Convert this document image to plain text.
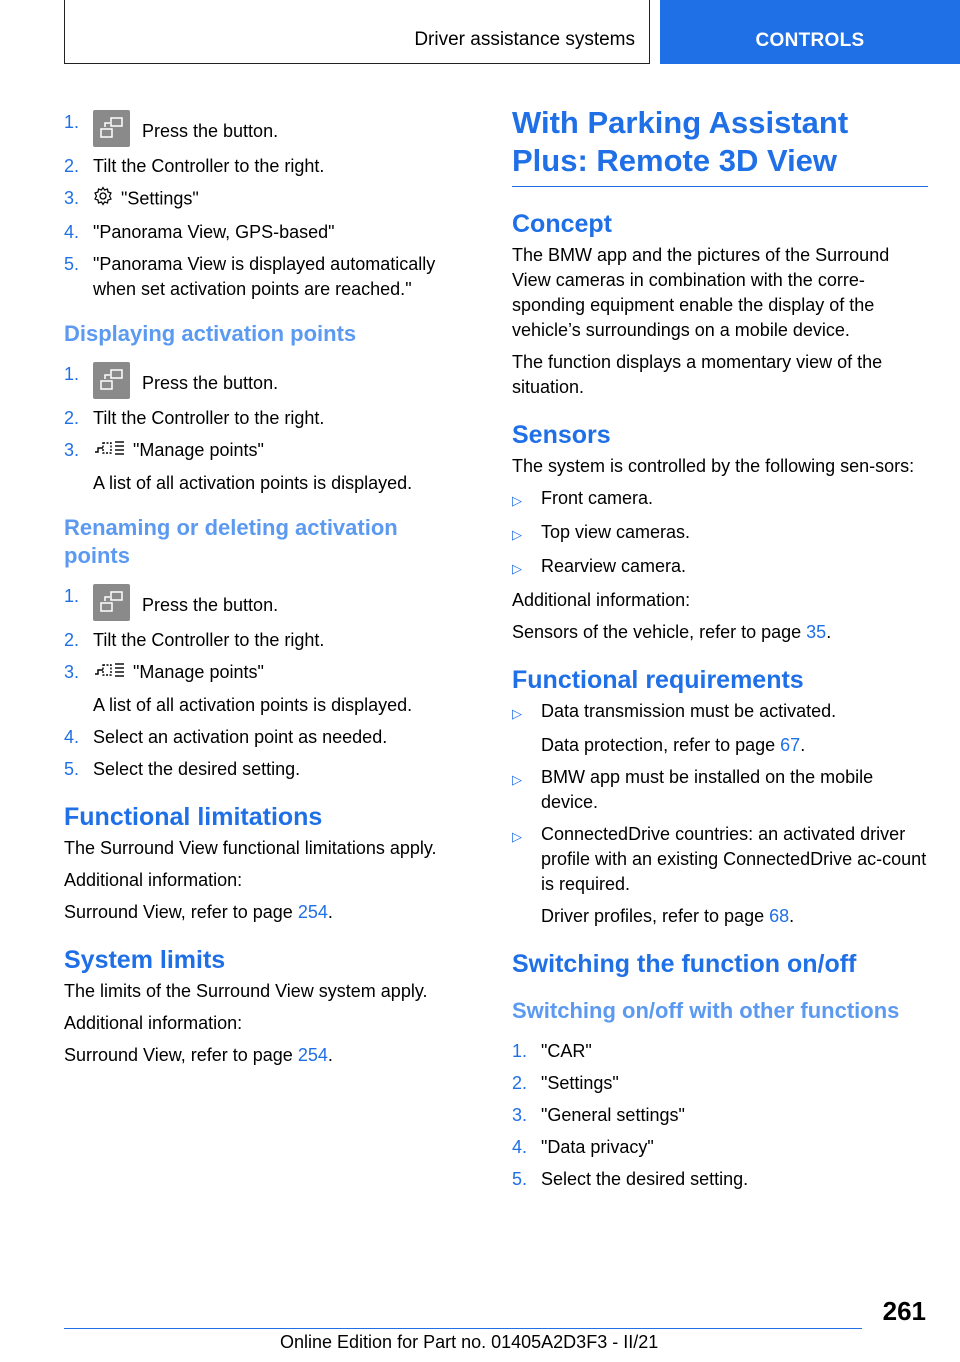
Driver assistance systems	CONTROLS
1.	Press the button.
2. Tilt the Controller to the right.
3.	"Settings"
4. "Panorama View, GPS-based"
5. "Panorama View is displayed automatically when set activation points are reached."
Displaying activation points
1.	Press the button.
2. Tilt the Controller to the right.
3.	"Manage points"
A list of all activation points is displayed.
Renaming or deleting activation points
1.	Press the button.
2. Tilt the Controller to the right.
3.	"Manage points"
A list of all activation points is displayed.
4. Select an activation point as needed.
5. Select the desired setting.
Functional limitations

The Surround View functional limitations apply.

Additional information:

Surround View, refer to page 254.

System limits

The limits of the Surround View system apply.

Additional information:

Surround View, refer to page 254.

With Parking Assistant Plus: Remote 3D View
Concept

The BMW app and the pictures of the Surround View cameras in combination with the corre-sponding equipment enable the display of the vehicle’s surroundings on a mobile device.

The function displays a momentary view of the situation.

Sensors

The system is controlled by the following sen-sors:

▷	Front camera.
▷	Top view cameras.
▷	Rearview camera.

Additional information:

Sensors of the vehicle, refer to page 35.

Functional requirements
▷	Data transmission must be activated.
Data protection, refer to page 67.
▷	BMW app must be installed on the mobile device.
▷	ConnectedDrive countries: an activated driver profile with an existing ConnectedDrive ac-count is required.
Driver profiles, refer to page 68.
Switching the function on/off
Switching on/off with other functions
1. "CAR"
2. "Settings"
3. "General settings"
4. "Data privacy"
5. Select the desired setting.
261
Online Edition for Part no. 01405A2D3F3 - II/21
